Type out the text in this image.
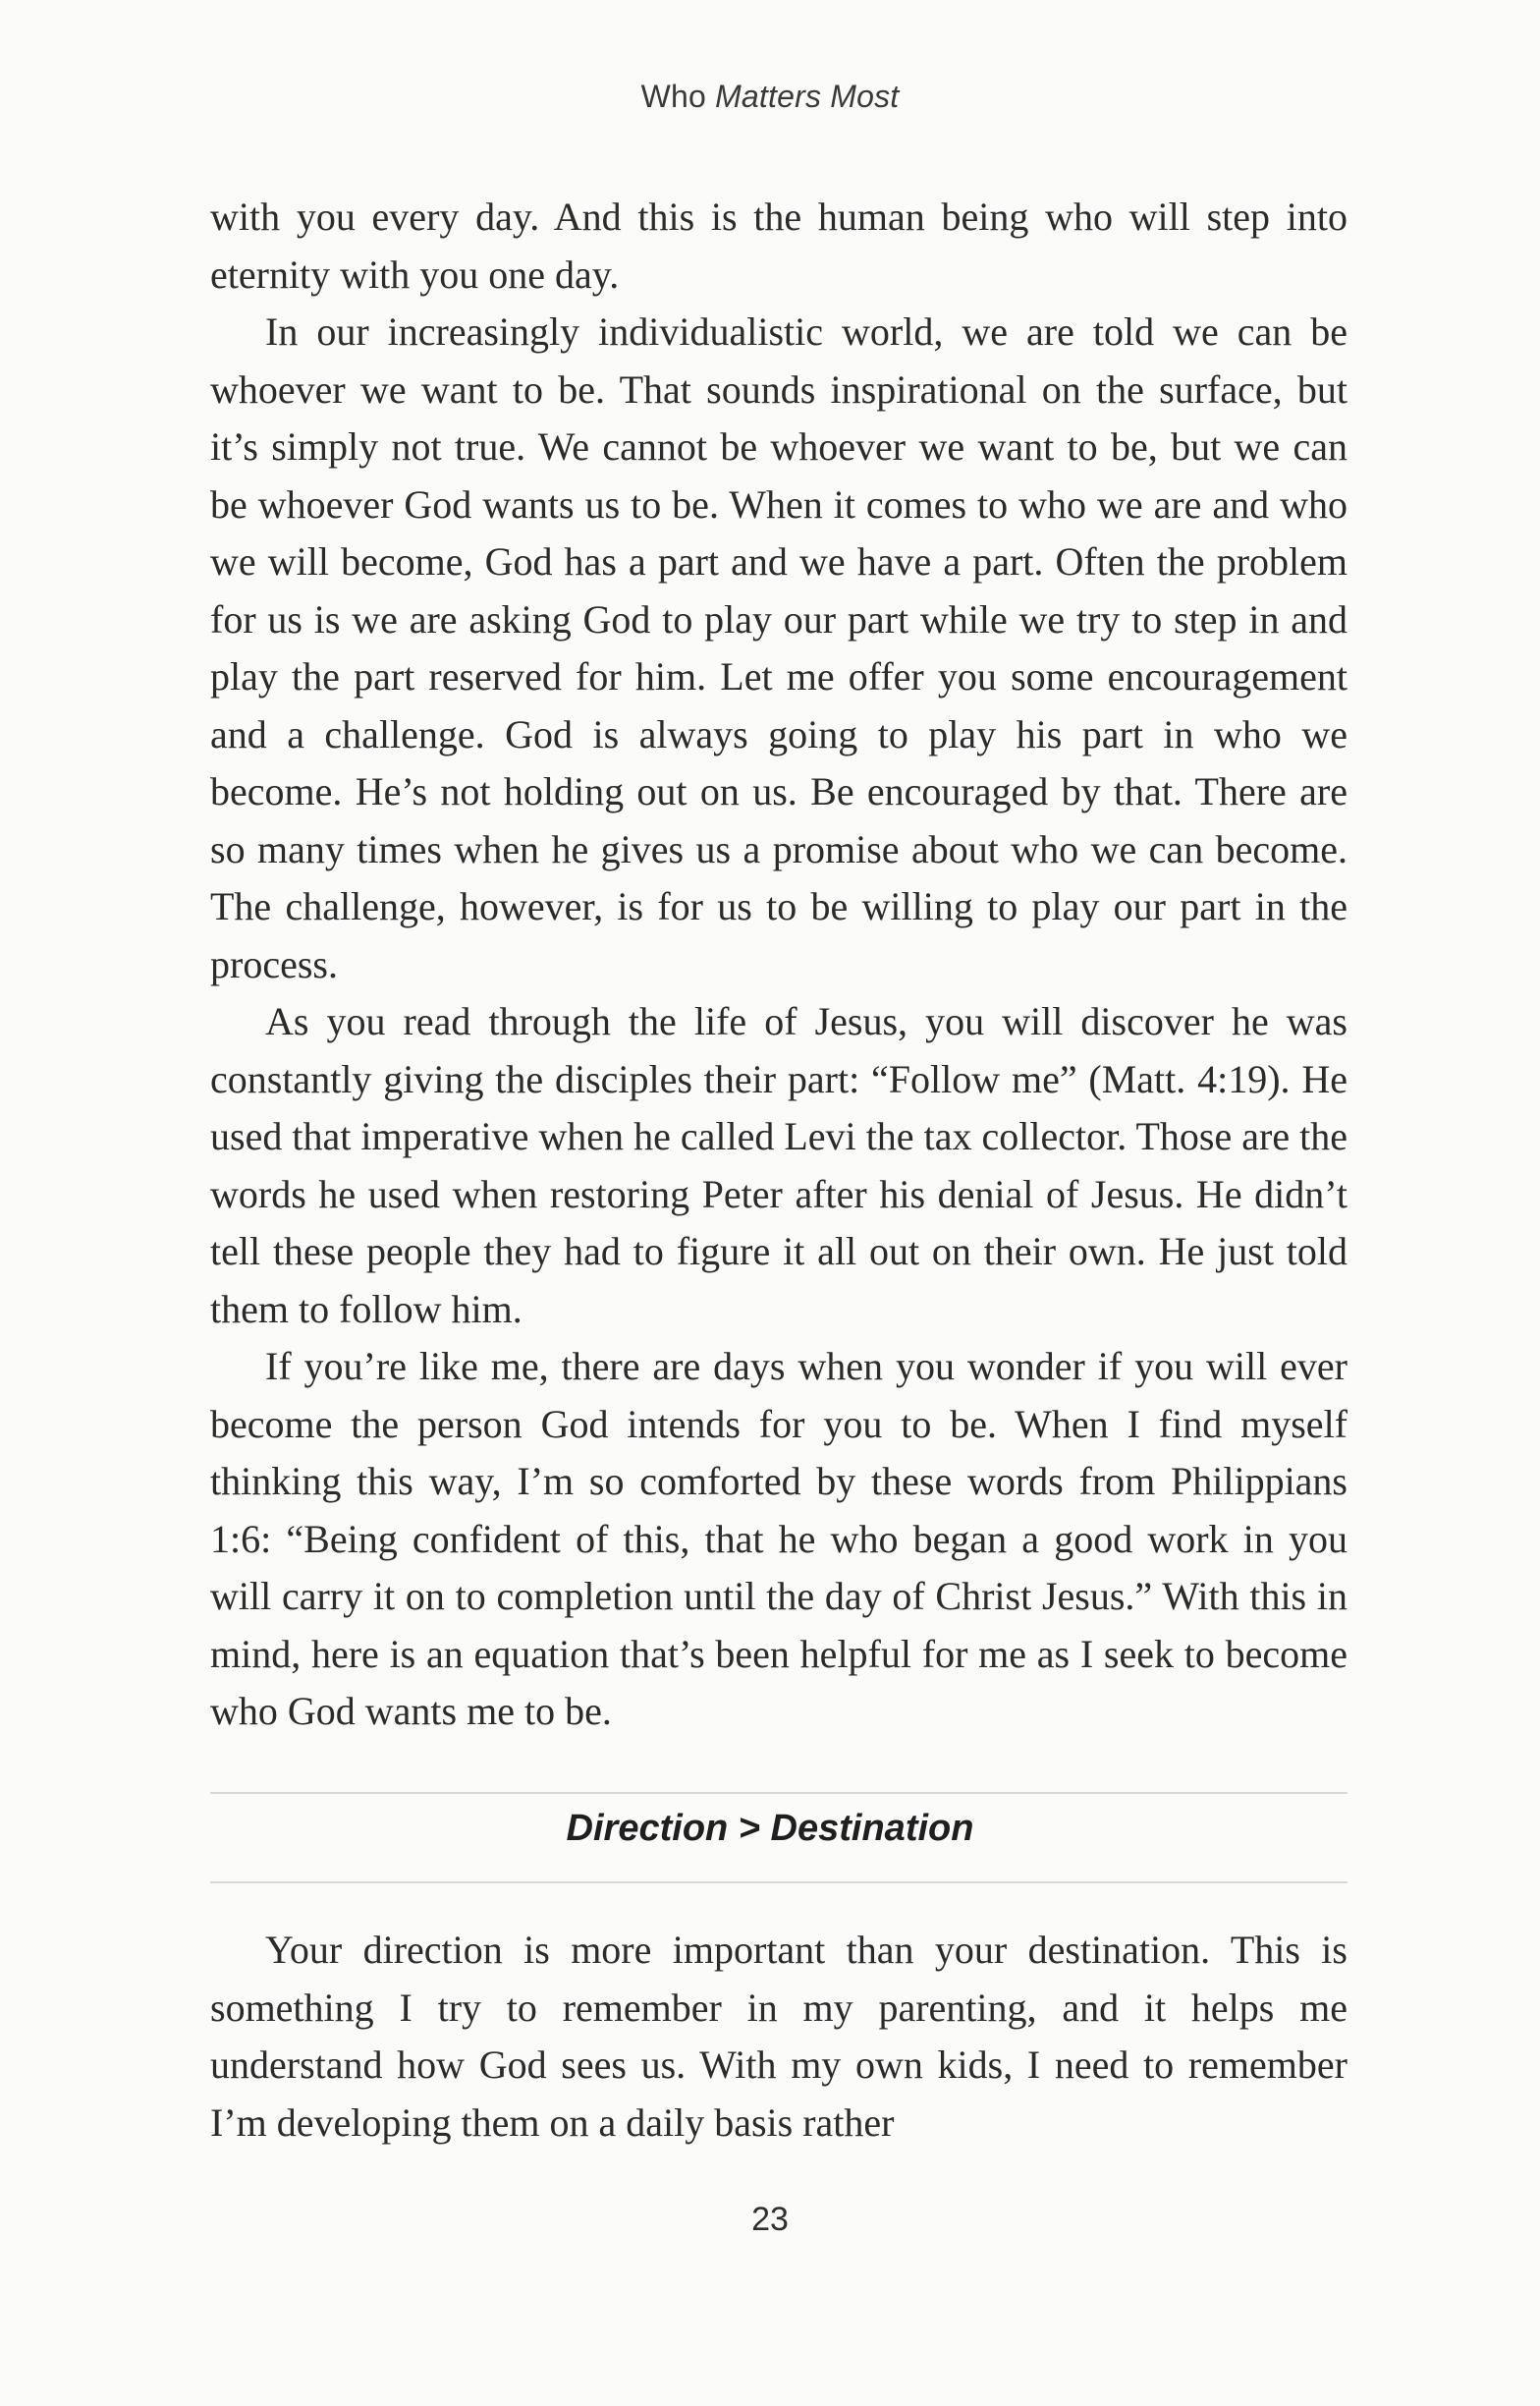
Who Matters Most

with you every day. And this is the human being who will step into eternity with you one day.

In our increasingly individualistic world, we are told we can be whoever we want to be. That sounds inspirational on the surface, but it’s simply not true. We cannot be whoever we want to be, but we can be whoever God wants us to be. When it comes to who we are and who we will become, God has a part and we have a part. Often the problem for us is we are asking God to play our part while we try to step in and play the part reserved for him. Let me offer you some encouragement and a challenge. God is always going to play his part in who we become. He’s not holding out on us. Be encouraged by that. There are so many times when he gives us a promise about who we can become. The challenge, however, is for us to be willing to play our part in the process.

As you read through the life of Jesus, you will discover he was constantly giving the disciples their part: “Follow me” (Matt. 4:19). He used that imperative when he called Levi the tax collector. Those are the words he used when restoring Peter after his denial of Jesus. He didn’t tell these people they had to figure it all out on their own. He just told them to follow him.

If you’re like me, there are days when you wonder if you will ever become the person God intends for you to be. When I find myself thinking this way, I’m so comforted by these words from Philippians 1:6: “Being confident of this, that he who began a good work in you will carry it on to completion until the day of Christ Jesus.” With this in mind, here is an equation that’s been helpful for me as I seek to become who God wants me to be.

Direction > Destination

Your direction is more important than your destination. This is something I try to remember in my parenting, and it helps me understand how God sees us. With my own kids, I need to remember I’m developing them on a daily basis rather

23
